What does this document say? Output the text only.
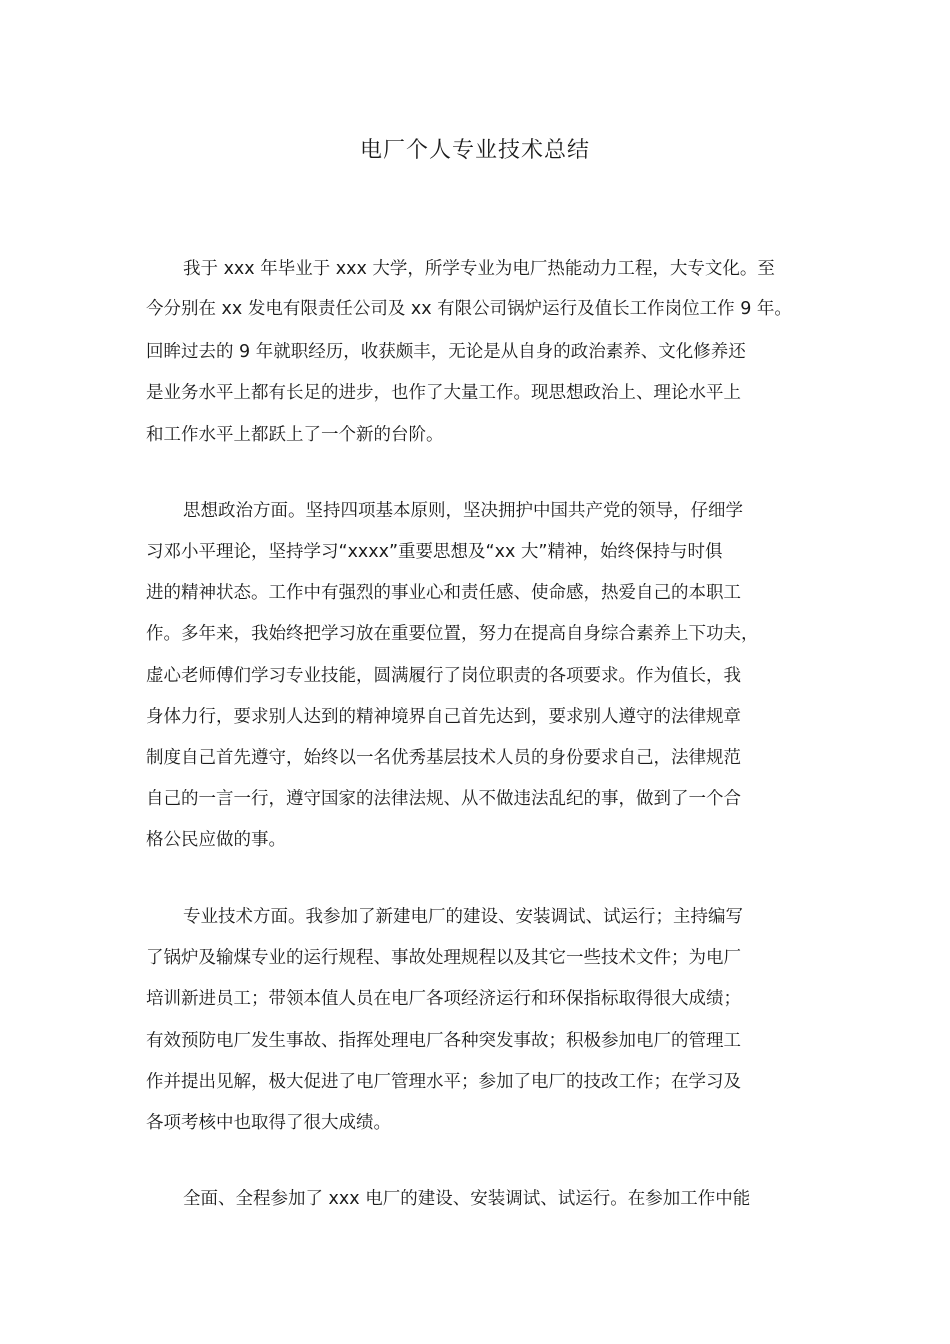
电厂个人专业技术总结

我于 xxx 年毕业于 xxx 大学，所学专业为电厂热能动力工程，大专文化。至

今分别在 xx 发电有限责任公司及 xx 有限公司锅炉运行及值长工作岗位工作 9 年。

回眸过去的 9 年就职经历，收获颇丰，无论是从自身的政治素养、文化修养还

是业务水平上都有长足的进步，也作了大量工作。现思想政治上、理论水平上

和工作水平上都跃上了一个新的台阶。

思想政治方面。坚持四项基本原则，坚决拥护中国共产党的领导，仔细学

习邓小平理论，坚持学习“xxxx”重要思想及“xx 大”精神，始终保持与时俱

进的精神状态。工作中有强烈的事业心和责任感、使命感，热爱自己的本职工

作。多年来，我始终把学习放在重要位置，努力在提高自身综合素养上下功夫，

虚心老师傅们学习专业技能，圆满履行了岗位职责的各项要求。作为值长，我

身体力行，要求别人达到的精神境界自己首先达到，要求别人遵守的法律规章

制度自己首先遵守，始终以一名优秀基层技术人员的身份要求自己，法律规范

自己的一言一行，遵守国家的法律法规、从不做违法乱纪的事，做到了一个合

格公民应做的事。

专业技术方面。我参加了新建电厂的建设、安装调试、试运行；主持编写

了锅炉及输煤专业的运行规程、事故处理规程以及其它一些技术文件；为电厂

培训新进员工；带领本值人员在电厂各项经济运行和环保指标取得很大成绩；

有效预防电厂发生事故、指挥处理电厂各种突发事故；积极参加电厂的管理工

作并提出见解，极大促进了电厂管理水平；参加了电厂的技改工作；在学习及

各项考核中也取得了很大成绩。

全面、全程参加了 xxx 电厂的建设、安装调试、试运行。在参加工作中能
